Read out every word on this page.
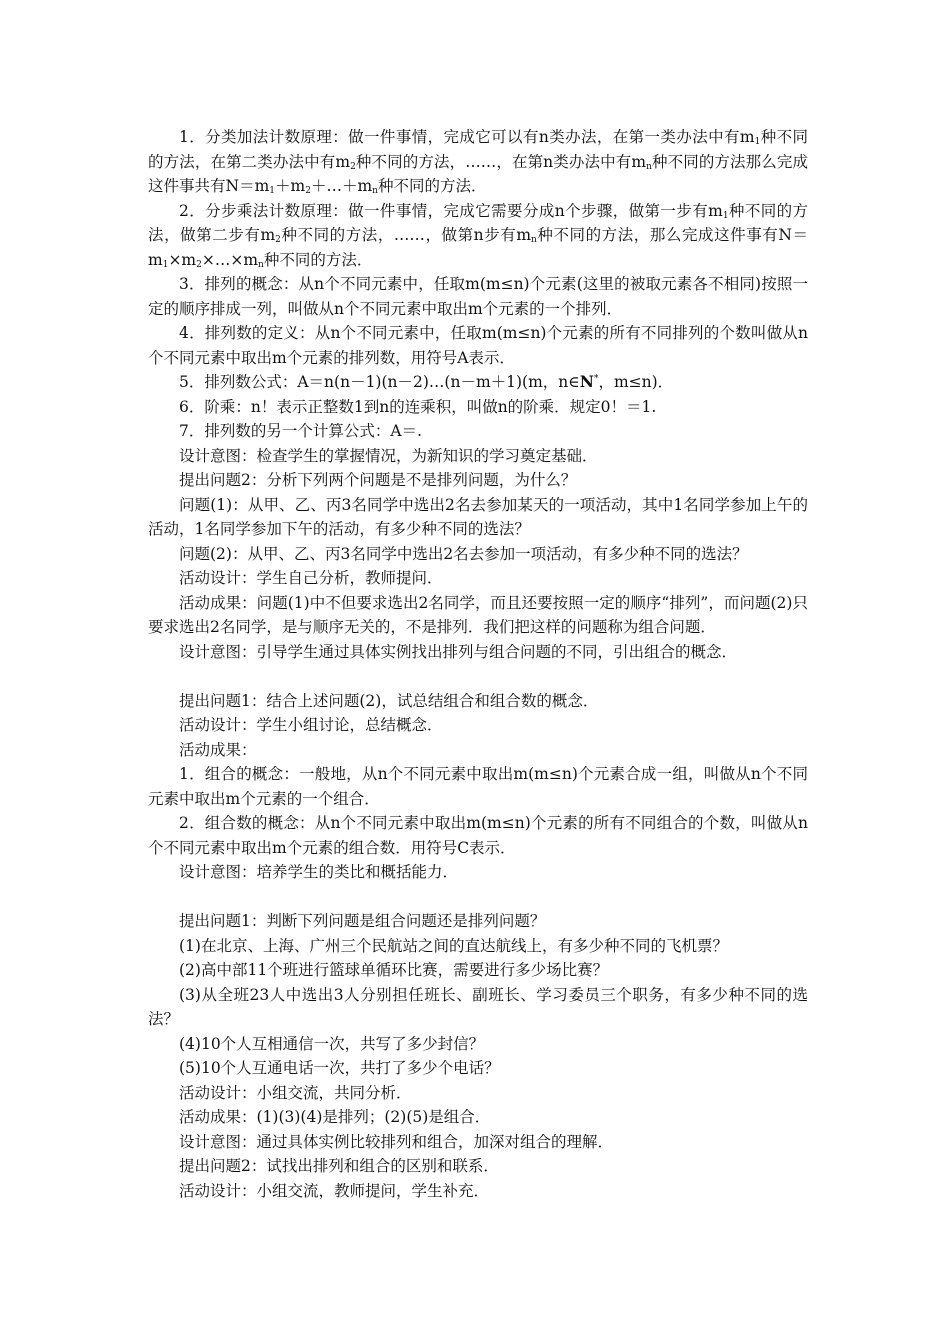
1．分类加法计数原理：做一件事情，完成它可以有n类办法，在第一类办法中有$m_1$种不同的方法，在第二类办法中有$m_2$种不同的方法，……，在第n类办法中有$m_n$种不同的方法那么完成这件事共有$N=m_1+m_2+\dots+m_n$种不同的方法．

2．分步乘法计数原理：做一件事情，完成它需要分成n个步骤，做第一步有$m_1$种不同的方法，做第二步有$m_2$种不同的方法，……，做第n步有$m_n$种不同的方法，那么完成这件事有$N=m_1\times m_2\times\dots\times m_n$种不同的方法．

3．排列的概念：从n个不同元素中，任取m(m≤n)个元素(这里的被取元素各不相同)按照一定的顺序排成一列，叫做从n个不同元素中取出m个元素的一个排列．

4．排列数的定义：从n个不同元素中，任取m(m≤n)个元素的所有不同排列的个数叫做从n个不同元素中取出m个元素的排列数，用符号A表示．

5．排列数公式：A＝n(n－1)(n－2)…(n－m＋1)(m，n∈N*，m≤n)．

6．阶乘：n！表示正整数1到n的连乘积，叫做n的阶乘．规定0！＝1.

7．排列数的另一个计算公式：A＝.

设计意图：检查学生的掌握情况，为新知识的学习奠定基础．

提出问题2：分析下列两个问题是不是排列问题，为什么？

问题(1)：从甲、乙、丙3名同学中选出2名去参加某天的一项活动，其中1名同学参加上午的活动，1名同学参加下午的活动，有多少种不同的选法？

问题(2)：从甲、乙、丙3名同学中选出2名去参加一项活动，有多少种不同的选法？

活动设计：学生自己分析，教师提问．

活动成果：问题(1)中不但要求选出2名同学，而且还要按照一定的顺序“排列”，而问题(2)只要求选出2名同学，是与顺序无关的，不是排列．我们把这样的问题称为组合问题．

设计意图：引导学生通过具体实例找出排列与组合问题的不同，引出组合的概念．

提出问题1：结合上述问题(2)，试总结组合和组合数的概念．

活动设计：学生小组讨论，总结概念．

活动成果：

1．组合的概念：一般地，从n个不同元素中取出m(m≤n)个元素合成一组，叫做从n个不同元素中取出m个元素的一个组合．

2．组合数的概念：从n个不同元素中取出m(m≤n)个元素的所有不同组合的个数，叫做从n个不同元素中取出m个元素的组合数．用符号C表示．

设计意图：培养学生的类比和概括能力．

提出问题1：判断下列问题是组合问题还是排列问题？

(1)在北京、上海、广州三个民航站之间的直达航线上，有多少种不同的飞机票？

(2)高中部11个班进行篮球单循环比赛，需要进行多少场比赛？

(3)从全班23人中选出3人分别担任班长、副班长、学习委员三个职务，有多少种不同的选法？

(4)10个人互相通信一次，共写了多少封信？

(5)10个人互通电话一次，共打了多少个电话？

活动设计：小组交流，共同分析．

活动成果：(1)(3)(4)是排列；(2)(5)是组合．

设计意图：通过具体实例比较排列和组合，加深对组合的理解．

提出问题2：试找出排列和组合的区别和联系．

活动设计：小组交流，教师提问，学生补充．
